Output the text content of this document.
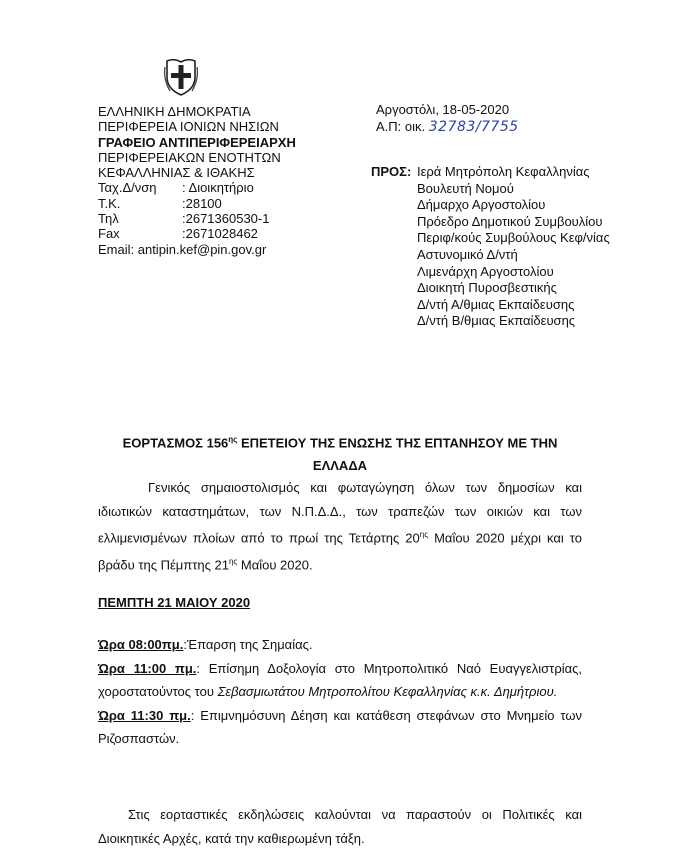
ΕΛΛΗΝΙΚΗ ΔΗΜΟΚΡΑΤΙΑ
ΠΕΡΙΦΕΡΕΙΑ ΙΟΝΙΩΝ ΝΗΣΙΩΝ
ΓΡΑΦΕΙΟ ΑΝΤΙΠΕΡΙΦΕΡΕΙΑΡΧΗ
ΠΕΡΙΦΕΡΕΙΑΚΩΝ ΕΝΟΤΗΤΩΝ
ΚΕΦΑΛΛΗΝΙΑΣ & ΙΘΑΚΗΣ
Ταχ.Δ/νση	: Διοικητήριο
Τ.Κ.	:28100
Τηλ	:2671360530-1
Fax	:2671028462
Email: antipin.kef@pin.gov.gr
Αργοστόλι, 18-05-2020
Α.Π: οικ. 32783/7755
ΠΡΟΣ: Ιερά Μητρόπολη Κεφαλληνίας
Βουλευτή Νομού
Δήμαρχο Αργοστολίου
Πρόεδρο Δημοτικού Συμβουλίου
Περιφ/κούς Συμβούλους Κεφ/νίας
Αστυνομικό Δ/ντή
Λιμενάρχη Αργοστολίου
Διοικητή Πυροσβεστικής
Δ/ντή Α/θμιας Εκπαίδευσης
Δ/ντή Β/θμιας Εκπαίδευσης
ΕΟΡΤΑΣΜΟΣ $156^{\eta\varsigma}$ ΕΠΕΤΕΙΟΥ ΤΗΣ ΕΝΩΣΗΣ ΤΗΣ ΕΠΤΑΝΗΣΟΥ ΜΕ ΤΗΝ
ΕΛΛΑΔΑ
Γενικός σημαιοστολισμός και φωταγώγηση όλων των δημοσίων και ιδιωτικών καταστημάτων, των Ν.Π.Δ.Δ., των τραπεζών των οικιών και των ελλιμενισμένων πλοίων από το πρωί της Τετάρτης $20^{\eta\varsigma}$ Μαΐου 2020 μέχρι και το βράδυ της Πέμπτης $21^{\eta\varsigma}$ Μαΐου 2020.
ΠΕΜΠΤΗ 21 ΜΑΙΟΥ 2020

Ώρα 08:00πμ.:Έπαρση της Σημαίας.

Ώρα 11:00 πμ.: Επίσημη Δοξολογία στο Μητροπολιτικό Ναό Ευαγγελιστρίας, χοροστατούντος του Σεβασμιωτάτου Μητροπολίτου Κεφαλληνίας κ.κ. Δημήτριου.

Ώρα 11:30 πμ.: Επιμνημόσυνη Δέηση και κατάθεση στεφάνων στο Μνημείο των Ριζοσπαστών.

Στις εορταστικές εκδηλώσεις καλούνται να παραστούν οι Πολιτικές και Διοικητικές Αρχές, κατά την καθιερωμένη τάξη.
